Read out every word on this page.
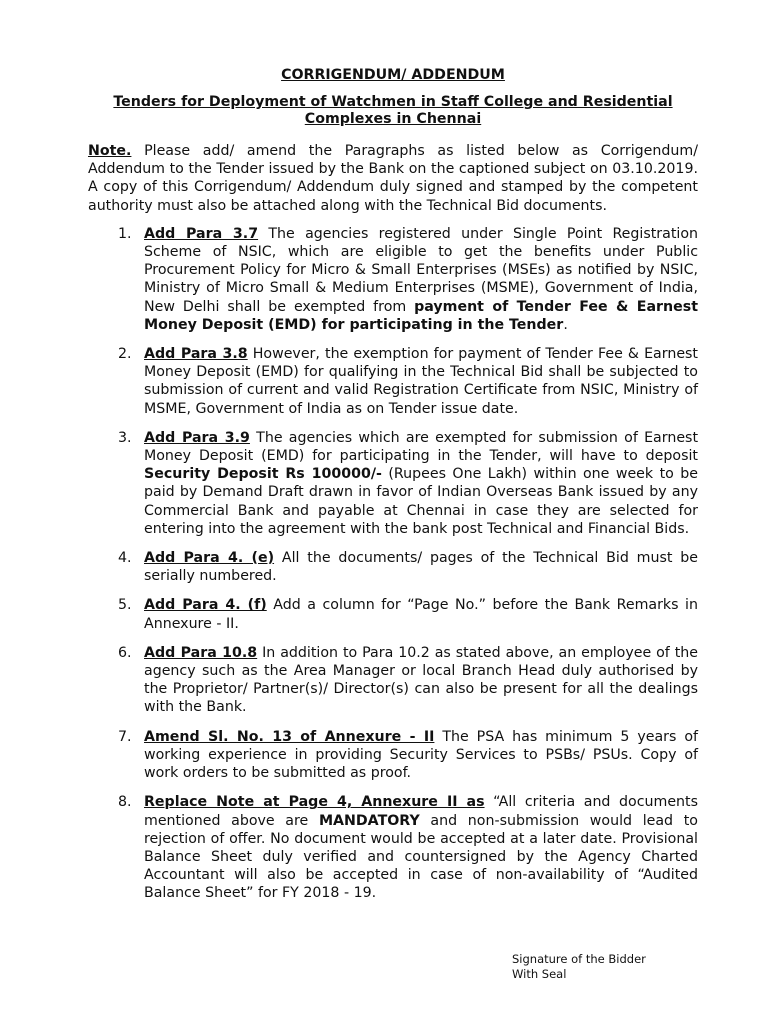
CORRIGENDUM/ ADDENDUM
Tenders for Deployment of Watchmen in Staff College and Residential Complexes in Chennai

Note. Please add/ amend the Paragraphs as listed below as Corrigendum/ Addendum to the Tender issued by the Bank on the captioned subject on 03.10.2019. A copy of this Corrigendum/ Addendum duly signed and stamped by the competent authority must also be attached along with the Technical Bid documents.

1. Add Para 3.7 The agencies registered under Single Point Registration Scheme of NSIC, which are eligible to get the benefits under Public Procurement Policy for Micro & Small Enterprises (MSEs) as notified by NSIC, Ministry of Micro Small & Medium Enterprises (MSME), Government of India, New Delhi shall be exempted from payment of Tender Fee & Earnest Money Deposit (EMD) for participating in the Tender.
2. Add Para 3.8 However, the exemption for payment of Tender Fee & Earnest Money Deposit (EMD) for qualifying in the Technical Bid shall be subjected to submission of current and valid Registration Certificate from NSIC, Ministry of MSME, Government of India as on Tender issue date.
3. Add Para 3.9 The agencies which are exempted for submission of Earnest Money Deposit (EMD) for participating in the Tender, will have to deposit Security Deposit Rs 100000/- (Rupees One Lakh) within one week to be paid by Demand Draft drawn in favor of Indian Overseas Bank issued by any Commercial Bank and payable at Chennai in case they are selected for entering into the agreement with the bank post Technical and Financial Bids.
4. Add Para 4. (e) All the documents/ pages of the Technical Bid must be serially numbered.
5. Add Para 4. (f) Add a column for “Page No.” before the Bank Remarks in Annexure - II.
6. Add Para 10.8 In addition to Para 10.2 as stated above, an employee of the agency such as the Area Manager or local Branch Head duly authorised by the Proprietor/ Partner(s)/ Director(s) can also be present for all the dealings with the Bank.
7. Amend Sl. No. 13 of Annexure - II The PSA has minimum 5 years of working experience in providing Security Services to PSBs/ PSUs. Copy of work orders to be submitted as proof.
8. Replace Note at Page 4, Annexure II as “All criteria and documents mentioned above are MANDATORY and non-submission would lead to rejection of offer. No document would be accepted at a later date. Provisional Balance Sheet duly verified and countersigned by the Agency Charted Accountant will also be accepted in case of non-availability of “Audited Balance Sheet” for FY 2018 - 19.
Signature of the Bidder
With Seal
